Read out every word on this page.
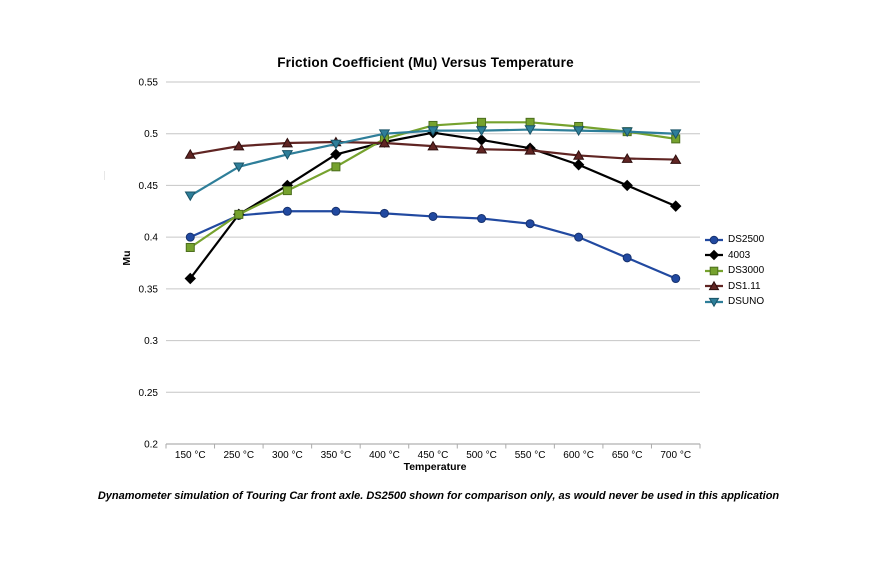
Friction Coefficient (Mu) Versus Temperature
0.2
0.25
0.3
0.35
0.4
0.45
0.5
0.55
150 °C 250 °C 300 °C 350 °C 400 °C 450 °C 500 °C 550 °C 600 °C 650 °C 700 °C
Mu
Temperature
DS2500
4003
DS3000
DS1.11
DSUNO
Dynamometer simulation of Touring Car front axle. DS2500 shown for comparison only, as would never be used in this application
